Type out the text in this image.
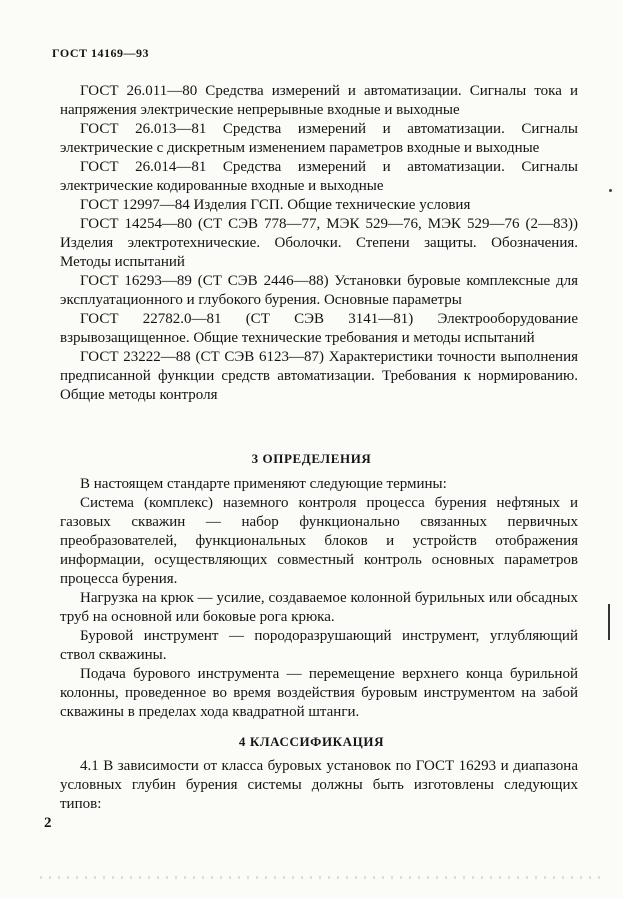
ГОСТ 14169—93

ГОСТ 26.011—80 Средства измерений и автоматизации. Сигналы тока и напряжения электрические непрерывные входные и выходные

ГОСТ 26.013—81 Средства измерений и автоматизации. Сигналы электрические с дискретным изменением параметров входные и выходные

ГОСТ 26.014—81 Средства измерений и автоматизации. Сигналы электрические кодированные входные и выходные

ГОСТ 12997—84 Изделия ГСП. Общие технические условия

ГОСТ 14254—80 (СТ СЭВ 778—77, МЭК 529—76, МЭК 529—76 (2—83)) Изделия электротехнические. Оболочки. Степени защиты. Обозначения. Методы испытаний

ГОСТ 16293—89 (СТ СЭВ 2446—88) Установки буровые комплексные для эксплуатационного и глубокого бурения. Основные параметры

ГОСТ 22782.0—81 (СТ СЭВ 3141—81) Электрооборудование взрывозащищенное. Общие технические требования и методы испытаний

ГОСТ 23222—88 (СТ СЭВ 6123—87) Характеристики точности выполнения предписанной функции средств автоматизации. Требования к нормированию. Общие методы контроля

3 ОПРЕДЕЛЕНИЯ

В настоящем стандарте применяют следующие термины:

Система (комплекс) наземного контроля процесса бурения нефтяных и газовых скважин — набор функционально связанных первичных преобразователей, функциональных блоков и устройств отображения информации, осуществляющих совместный контроль основных параметров процесса бурения.

Нагрузка на крюк — усилие, создаваемое колонной бурильных или обсадных труб на основной или боковые рога крюка.

Буровой инструмент — породоразрушающий инструмент, углубляющий ствол скважины.

Подача бурового инструмента — перемещение верхнего конца бурильной колонны, проведенное во время воздействия буровым инструментом на забой скважины в пределах хода квадратной штанги.

4 КЛАССИФИКАЦИЯ

4.1 В зависимости от класса буровых установок по ГОСТ 16293 и диапазона условных глубин бурения системы должны быть изготовлены следующих типов:

2
